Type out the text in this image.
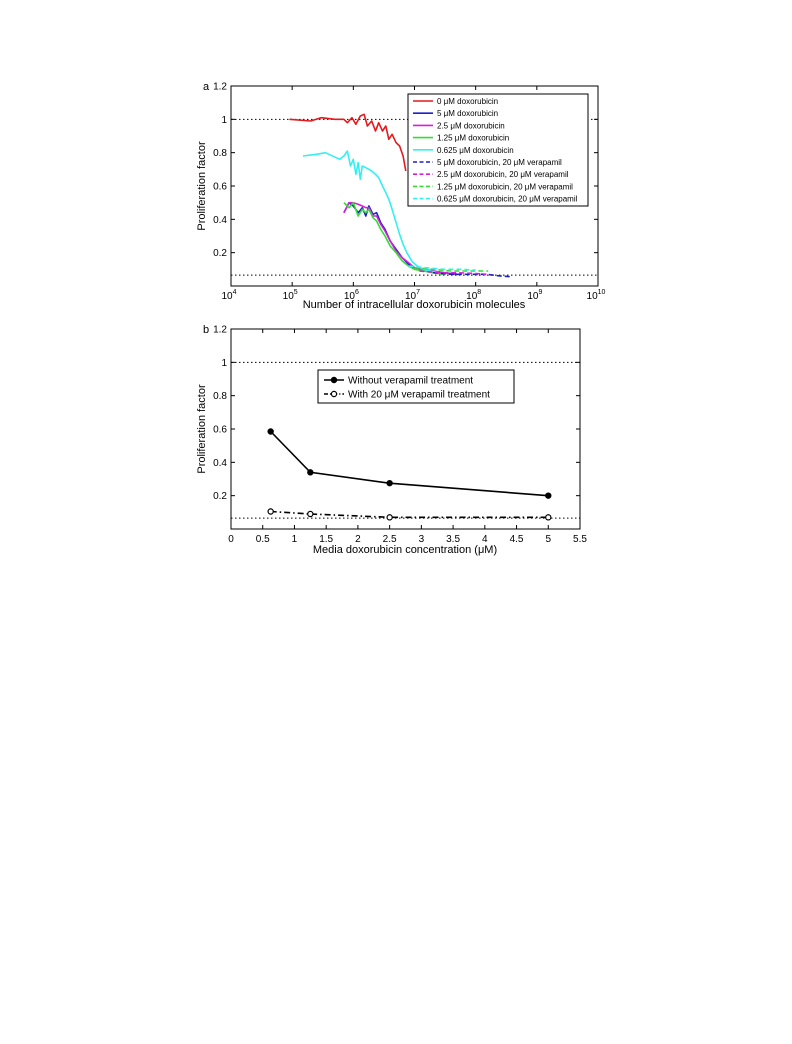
a
0.2
0.4
0.6
0.8
1
1.2
$10^4$	$10^5$	$10^6$	$10^7$	$10^8$	$10^9$	$10^{10}$
Number of intracellular doxorubicin molecules
Proliferation factor
0 μM doxorubicin
5 μM doxorubicin
2.5 μM doxorubicin
1.25 μM doxorubicin
0.625 μM doxorubicin
5 μM doxorubicin, 20 μM verapamil
2.5 μM doxorubicin, 20 μM verapamil
1.25 μM doxorubicin, 20 μM verapamil
0.625 μM doxorubicin, 20 μM verapamil
b
0.2
0.4
0.6
0.8
1
1.2
0 0.5 1 1.5 2 2.5 3 3.5 4 4.5 5 5.5
Media doxorubicin concentration (μM)
Proliferation factor
Without verapamil treatment
With 20 μM verapamil treatment
